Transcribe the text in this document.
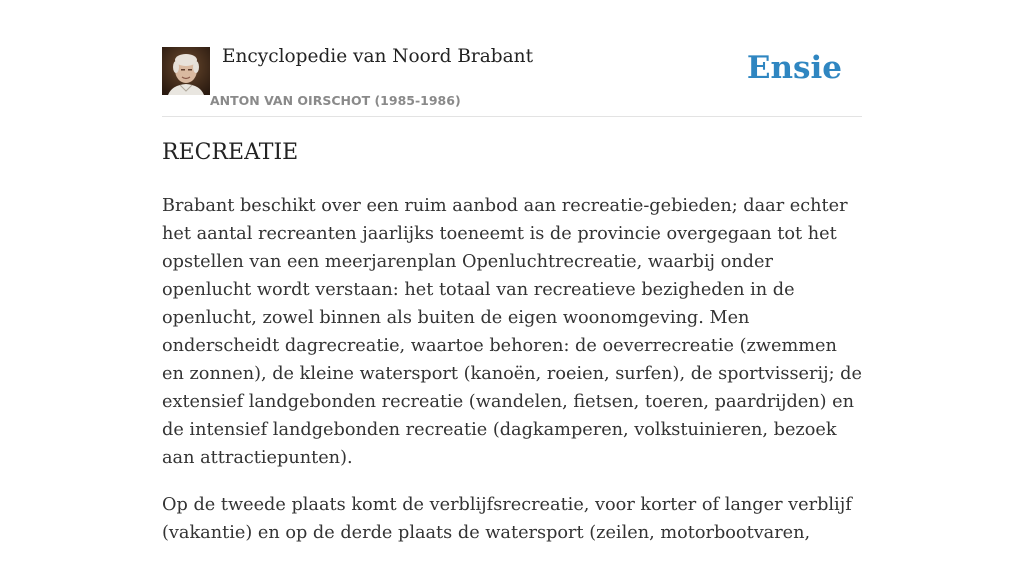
Encyclopedie van Noord Brabant
ANTON VAN OIRSCHOT (1985-1986)
Ensie
RECREATIE

Brabant beschikt over een ruim aanbod aan recreatie-gebieden; daar echter het aantal recreanten jaarlijks toeneemt is de provincie overgegaan tot het opstellen van een meerjarenplan Openluchtrecreatie, waarbij onder openlucht wordt verstaan: het totaal van recreatieve bezigheden in de openlucht, zowel binnen als buiten de eigen woonomgeving. Men onderscheidt dagrecreatie, waartoe behoren: de oeverrecreatie (zwemmen en zonnen), de kleine watersport (kanoën, roeien, surfen), de sportvisserij; de extensief landgebonden recreatie (wandelen, fietsen, toeren, paardrijden) en de intensief landgebonden recreatie (dagkamperen, volkstuinieren, bezoek aan attractiepunten).

Op de tweede plaats komt de verblijfsrecreatie, voor korter of langer verblijf (vakantie) en op de derde plaats de watersport (zeilen, motorbootvaren,
